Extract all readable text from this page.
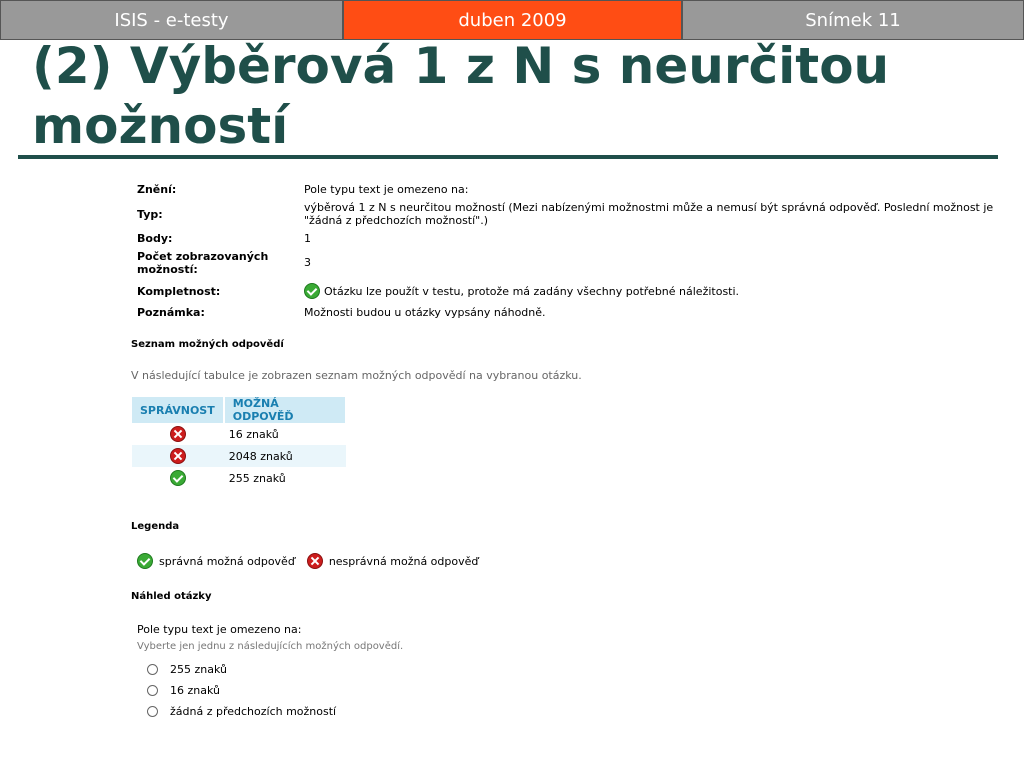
ISIS - e-testy	duben 2009	Snímek 11
(2) Výběrová 1 z N s neurčitou možností
Znění:	Pole typu text je omezeno na:
Typ:
výběrová 1 z N s neurčitou možností (Mezi nabízenými možnostmi může a nemusí být správná odpověď. Poslední možnost je
"žádná z předchozích možností".)
Body:	1
Počet zobrazovaných
možností:
3
Kompletnost:	Otázku lze použít v testu, protože má zadány všechny potřebné náležitosti.
Poznámka:	Možnosti budou u otázky vypsány náhodně.
Seznam možných odpovědí
V následující tabulce je zobrazen seznam možných odpovědí na vybranou otázku.
SPRÁVNOST	MOŽNÁ ODPOVĚĎ
	16 znaků
	2048 znaků
	255 znaků
Legenda
správná možná odpověď	nesprávná možná odpověď
Náhled otázky
Pole typu text je omezeno na:
Vyberte jen jednu z následujících možných odpovědí.
255 znaků
16 znaků
žádná z předchozích možností
